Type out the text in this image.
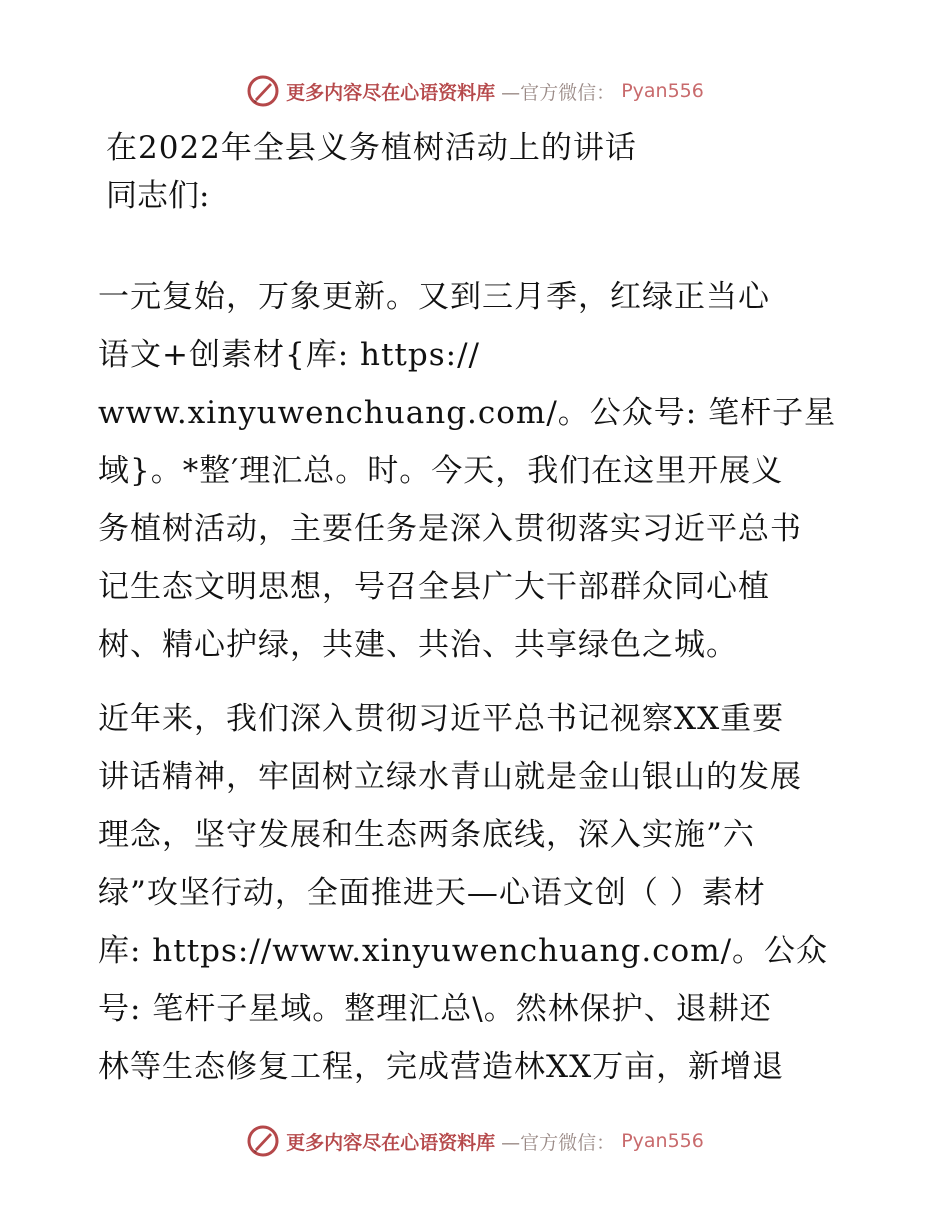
更多内容尽在心语资料库 —官方微信： Pyan556
在2022年全县义务植树活动上的讲话
同志们:
一元复始，万象更新。又到三月季，红绿正当心
语文+创素材{库: https://
www.xinyuwenchuang.com/。公众号: 笔杆子星
域}。*整′理汇总。时。今天，我们在这里开展义
务植树活动，主要任务是深入贯彻落实习近平总书
记生态文明思想，号召全县广大干部群众同心植
树、精心护绿，共建、共治、共享绿色之城。
近年来，我们深入贯彻习近平总书记视察XX重要
讲话精神，牢固树立绿水青山就是金山银山的发展
理念，坚守发展和生态两条底线，深入实施”六
绿”攻坚行动，全面推进天—心语文创（ ）素材
库: https://www.xinyuwenchuang.com/。公众
号: 笔杆子星域。整理汇总\。然林保护、退耕还
林等生态修复工程，完成营造林XX万亩，新增退
更多内容尽在心语资料库 —官方微信： Pyan556
